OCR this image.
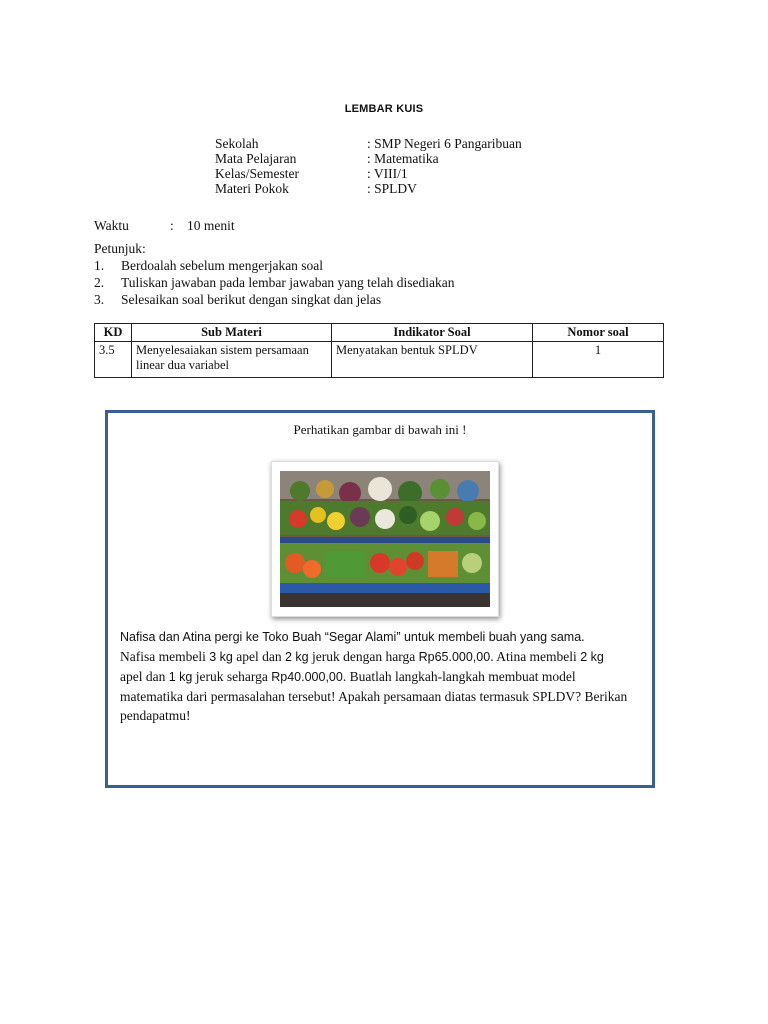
LEMBAR KUIS
Sekolah	: SMP Negeri 6 Pangaribuan
Mata Pelajaran	: Matematika
Kelas/Semester	: VIII/1
Materi Pokok	: SPLDV
Waktu	: 10 menit
Petunjuk:
1.	Berdoalah sebelum mengerjakan soal
2.	Tuliskan jawaban pada lembar jawaban yang telah disediakan
3.	Selesaikan soal berikut dengan singkat dan jelas
KD	Sub Materi	Indikator Soal	Nomor soal
3.5	Menyelesaiakan sistem persamaan linear dua variabel	Menyatakan bentuk SPLDV	1
Perhatikan gambar di bawah ini !
Nafisa dan Atina pergi ke Toko Buah “Segar Alami” untuk membeli buah yang sama.
Nafisa membeli 3 kg apel dan 2 kg jeruk dengan harga Rp65.000,00. Atina membeli 2 kg
apel dan 1 kg jeruk seharga Rp40.000,00. Buatlah langkah-langkah membuat model matematika dari permasalahan tersebut! Apakah persamaan diatas termasuk SPLDV? Berikan pendapatmu!
